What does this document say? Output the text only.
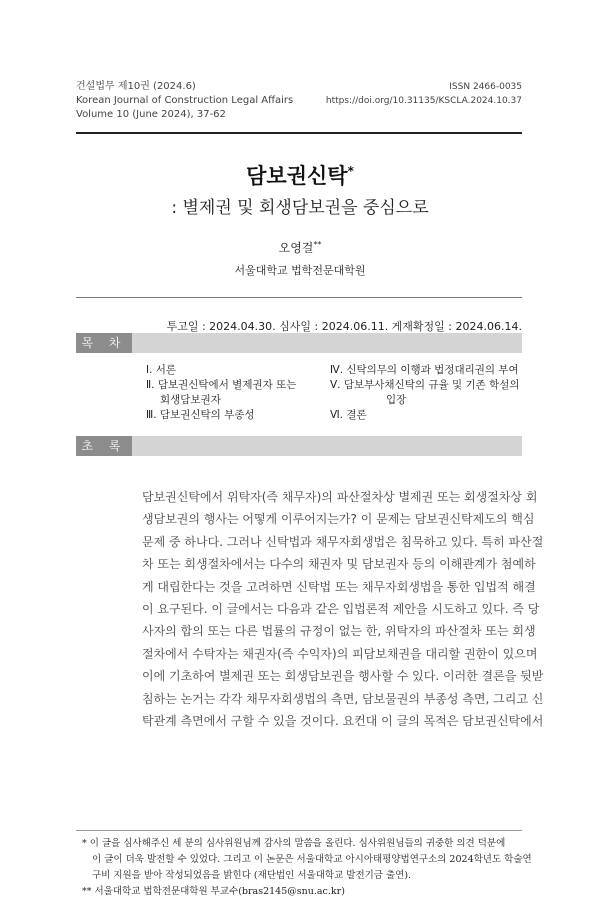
건설법무 제10권 (2024.6)
Korean Journal of Construction Legal Affairs
Volume 10 (June 2024), 37-62
ISSN 2466-0035
https://doi.org/10.31135/KSCLA.2024.10.37
담보권신탁*
: 별제권 및 회생담보권을 중심으로
오영걸**
서울대학교 법학전문대학원
투고일 : 2024.04.30. 심사일 : 2024.06.11. 게재확정일 : 2024.06.14.
목 차
Ⅰ. 서론
Ⅱ. 담보권신탁에서 별제권자 또는
회생담보권자
Ⅲ. 담보권신탁의 부종성
Ⅳ. 신탁의무의 이행과 법정대리권의 부여
Ⅴ. 담보부사채신탁의 규율 및 기존 학설의
입장
Ⅵ. 결론
초 록
담보권신탁에서 위탁자(즉 채무자)의 파산절차상 별제권 또는 회생절차상 회
생담보권의 행사는 어떻게 이루어지는가? 이 문제는 담보권신탁제도의 핵심
문제 중 하나다. 그러나 신탁법과 채무자회생법은 침묵하고 있다. 특히 파산절
차 또는 회생절차에서는 다수의 채권자 및 담보권자 등의 이해관계가 첨예하
게 대립한다는 것을 고려하면 신탁법 또는 채무자회생법을 통한 입법적 해결
이 요구된다. 이 글에서는 다음과 같은 입법론적 제안을 시도하고 있다. 즉 당
사자의 합의 또는 다른 법률의 규정이 없는 한, 위탁자의 파산절차 또는 회생
절차에서 수탁자는 채권자(즉 수익자)의 피담보채권을 대리할 권한이 있으며
이에 기초하여 별제권 또는 회생담보권을 행사할 수 있다. 이러한 결론을 뒷받
침하는 논거는 각각 채무자회생법의 측면, 담보물권의 부종성 측면, 그리고 신
탁관계 측면에서 구할 수 있을 것이다. 요컨대 이 글의 목적은 담보권신탁에서
* 이 글을 심사해주신 세 분의 심사위원님께 감사의 말씀을 올린다. 심사위원님들의 귀중한 의견 덕분에
이 글이 더욱 발전할 수 있었다. 그리고 이 논문은 서울대학교 아시아태평양법연구소의 2024학년도 학술연
구비 지원을 받아 작성되었음을 밝힌다 (재단법인 서울대학교 발전기금 출연).
** 서울대학교 법학전문대학원 부교수(bras2145@snu.ac.kr)
